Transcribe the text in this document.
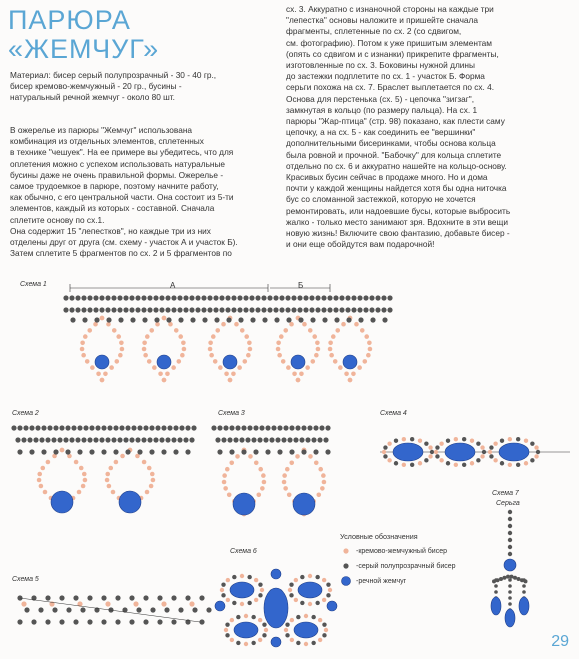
ПАРЮРА
«ЖЕМЧУГ»
Материал: бисер серый полупрозрачный - 30 - 40 гр.,
бисер кремово-жемчужный - 20 гр., бусины -
натуральный речной жемчуг - около 80 шт.

В ожерелье из парюры "Жемчуг" использована

комбинация из отдельных элементов, сплетенных

в технике "чешуек". На ее примере вы убедитесь, что для

оплетения можно с успехом использовать натуральные

бусины даже не очень правильной формы. Ожерелье -

самое трудоемкое в парюре, поэтому начните работу,

как обычно, с его центральной части. Она состоит из 5-ти

элементов, каждый из которых - составной. Сначала

сплетите основу по сх.1.

Она содержит 15 "лепестков", но каждые три из них

отделены друг от друга (см. схему - участок А и участок Б).

Затем сплетите 5 фрагментов по сх. 2 и 5 фрагментов по

сх. 3. Аккуратно с изнаночной стороны на каждые три

"лепестка" основы наложите и пришейте сначала

фрагменты, сплетенные по сх. 2 (со сдвигом,

см. фотографию). Потом к уже пришитым элементам

(опять со сдвигом и с изнанки) прикрепите фрагменты,

изготовленные по сх. 3. Боковины нужной длины

до застежки подплетите по сх. 1 - участок Б. Форма

серьги похожа на сх. 7. Браслет выплетается по сх. 4.

Основа для перстенька (сх. 5) - цепочка "зигзаг",

замкнутая в кольцо (по размеру пальца). На сх. 1

парюры "Жар-птица" (стр. 98) показано, как плести саму

цепочку, а на сх. 5 - как соединить ее "вершинки"

дополнительными бисеринками, чтобы основа кольца

была ровной и прочной. "Бабочку" для кольца сплетите

отдельно по сх. 6 и аккуратно нашейте на кольцо-основу.

Красивых бусин сейчас в продаже много. Но и дома

почти у каждой женщины найдется хотя бы одна ниточка

бус со сломанной застежкой, которую не хочется

ремонтировать, или надоевшие бусы, которые выбросить

жалко - только место занимают зря. Вдохните в эти вещи

новую жизнь! Включите свою фантазию, добавьте бисер -

и они еще обойдутся вам подарочной!

Схема 1	А	Б
Схема 2	Схема 3	Схема 4
Схема 5
Схема 6
Схема 7
Серьга
Условные обозначения
-кремово-жемчужный бисер
-серый полупрозрачный бисер
-речной жемчуг
29
